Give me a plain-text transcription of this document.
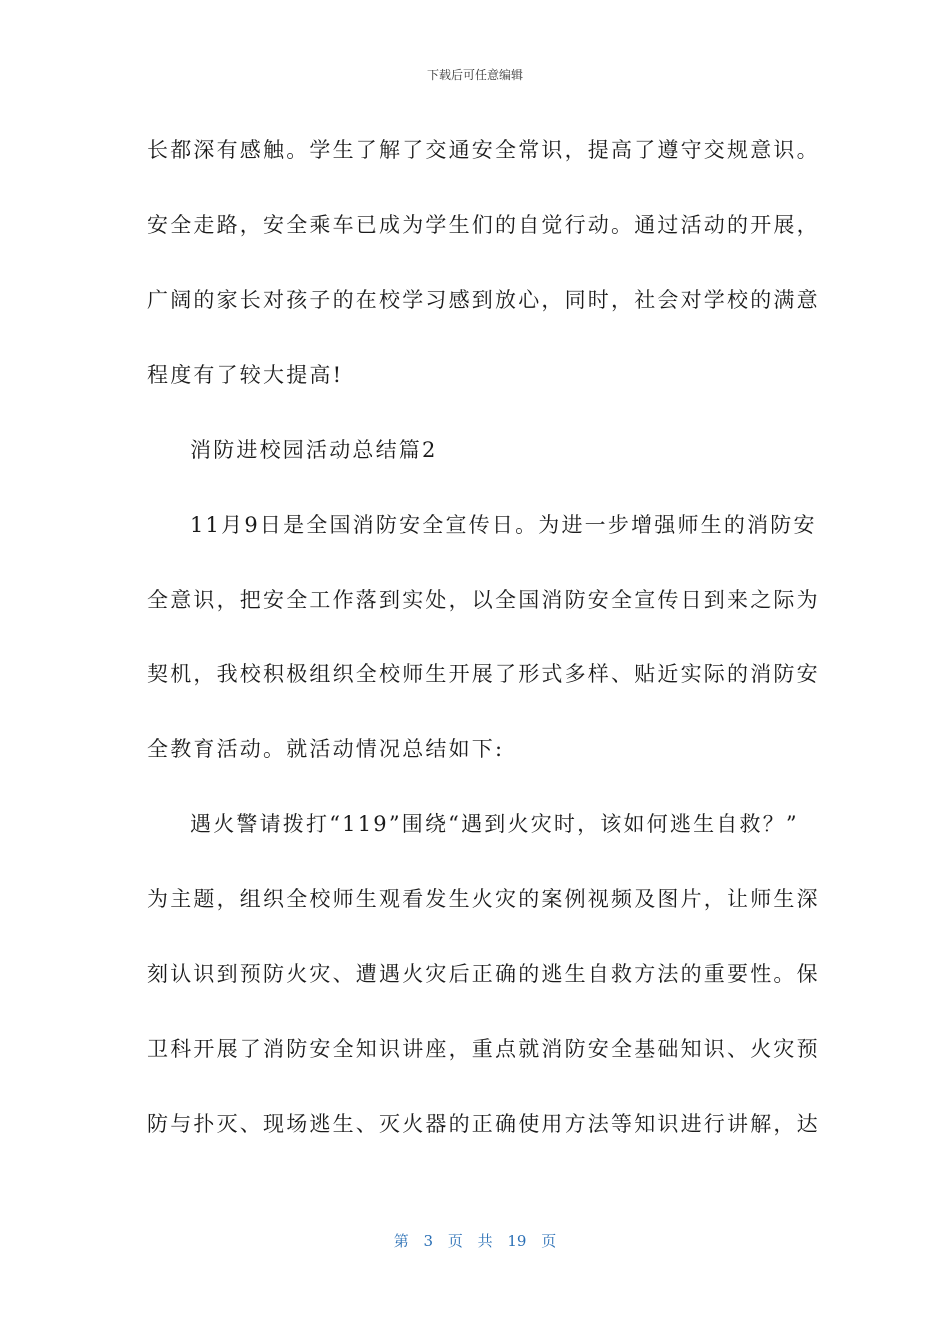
下载后可任意编辑
长都深有感触。学生了解了交通安全常识，提高了遵守交规意识。
安全走路，安全乘车已成为学生们的自觉行动。通过活动的开展，
广阔的家长对孩子的在校学习感到放心，同时，社会对学校的满意
程度有了较大提高!
消防进校园活动总结篇2
11月9日是全国消防安全宣传日。为进一步增强师生的消防安
全意识，把安全工作落到实处，以全国消防安全宣传日到来之际为
契机，我校积极组织全校师生开展了形式多样、贴近实际的消防安
全教育活动。就活动情况总结如下:
遇火警请拨打“119”围绕“遇到火灾时，该如何逃生自救？”
为主题，组织全校师生观看发生火灾的案例视频及图片，让师生深
刻认识到预防火灾、遭遇火灾后正确的逃生自救方法的重要性。保
卫科开展了消防安全知识讲座，重点就消防安全基础知识、火灾预
防与扑灭、现场逃生、灭火器的正确使用方法等知识进行讲解，达
第 3 页 共 19 页
